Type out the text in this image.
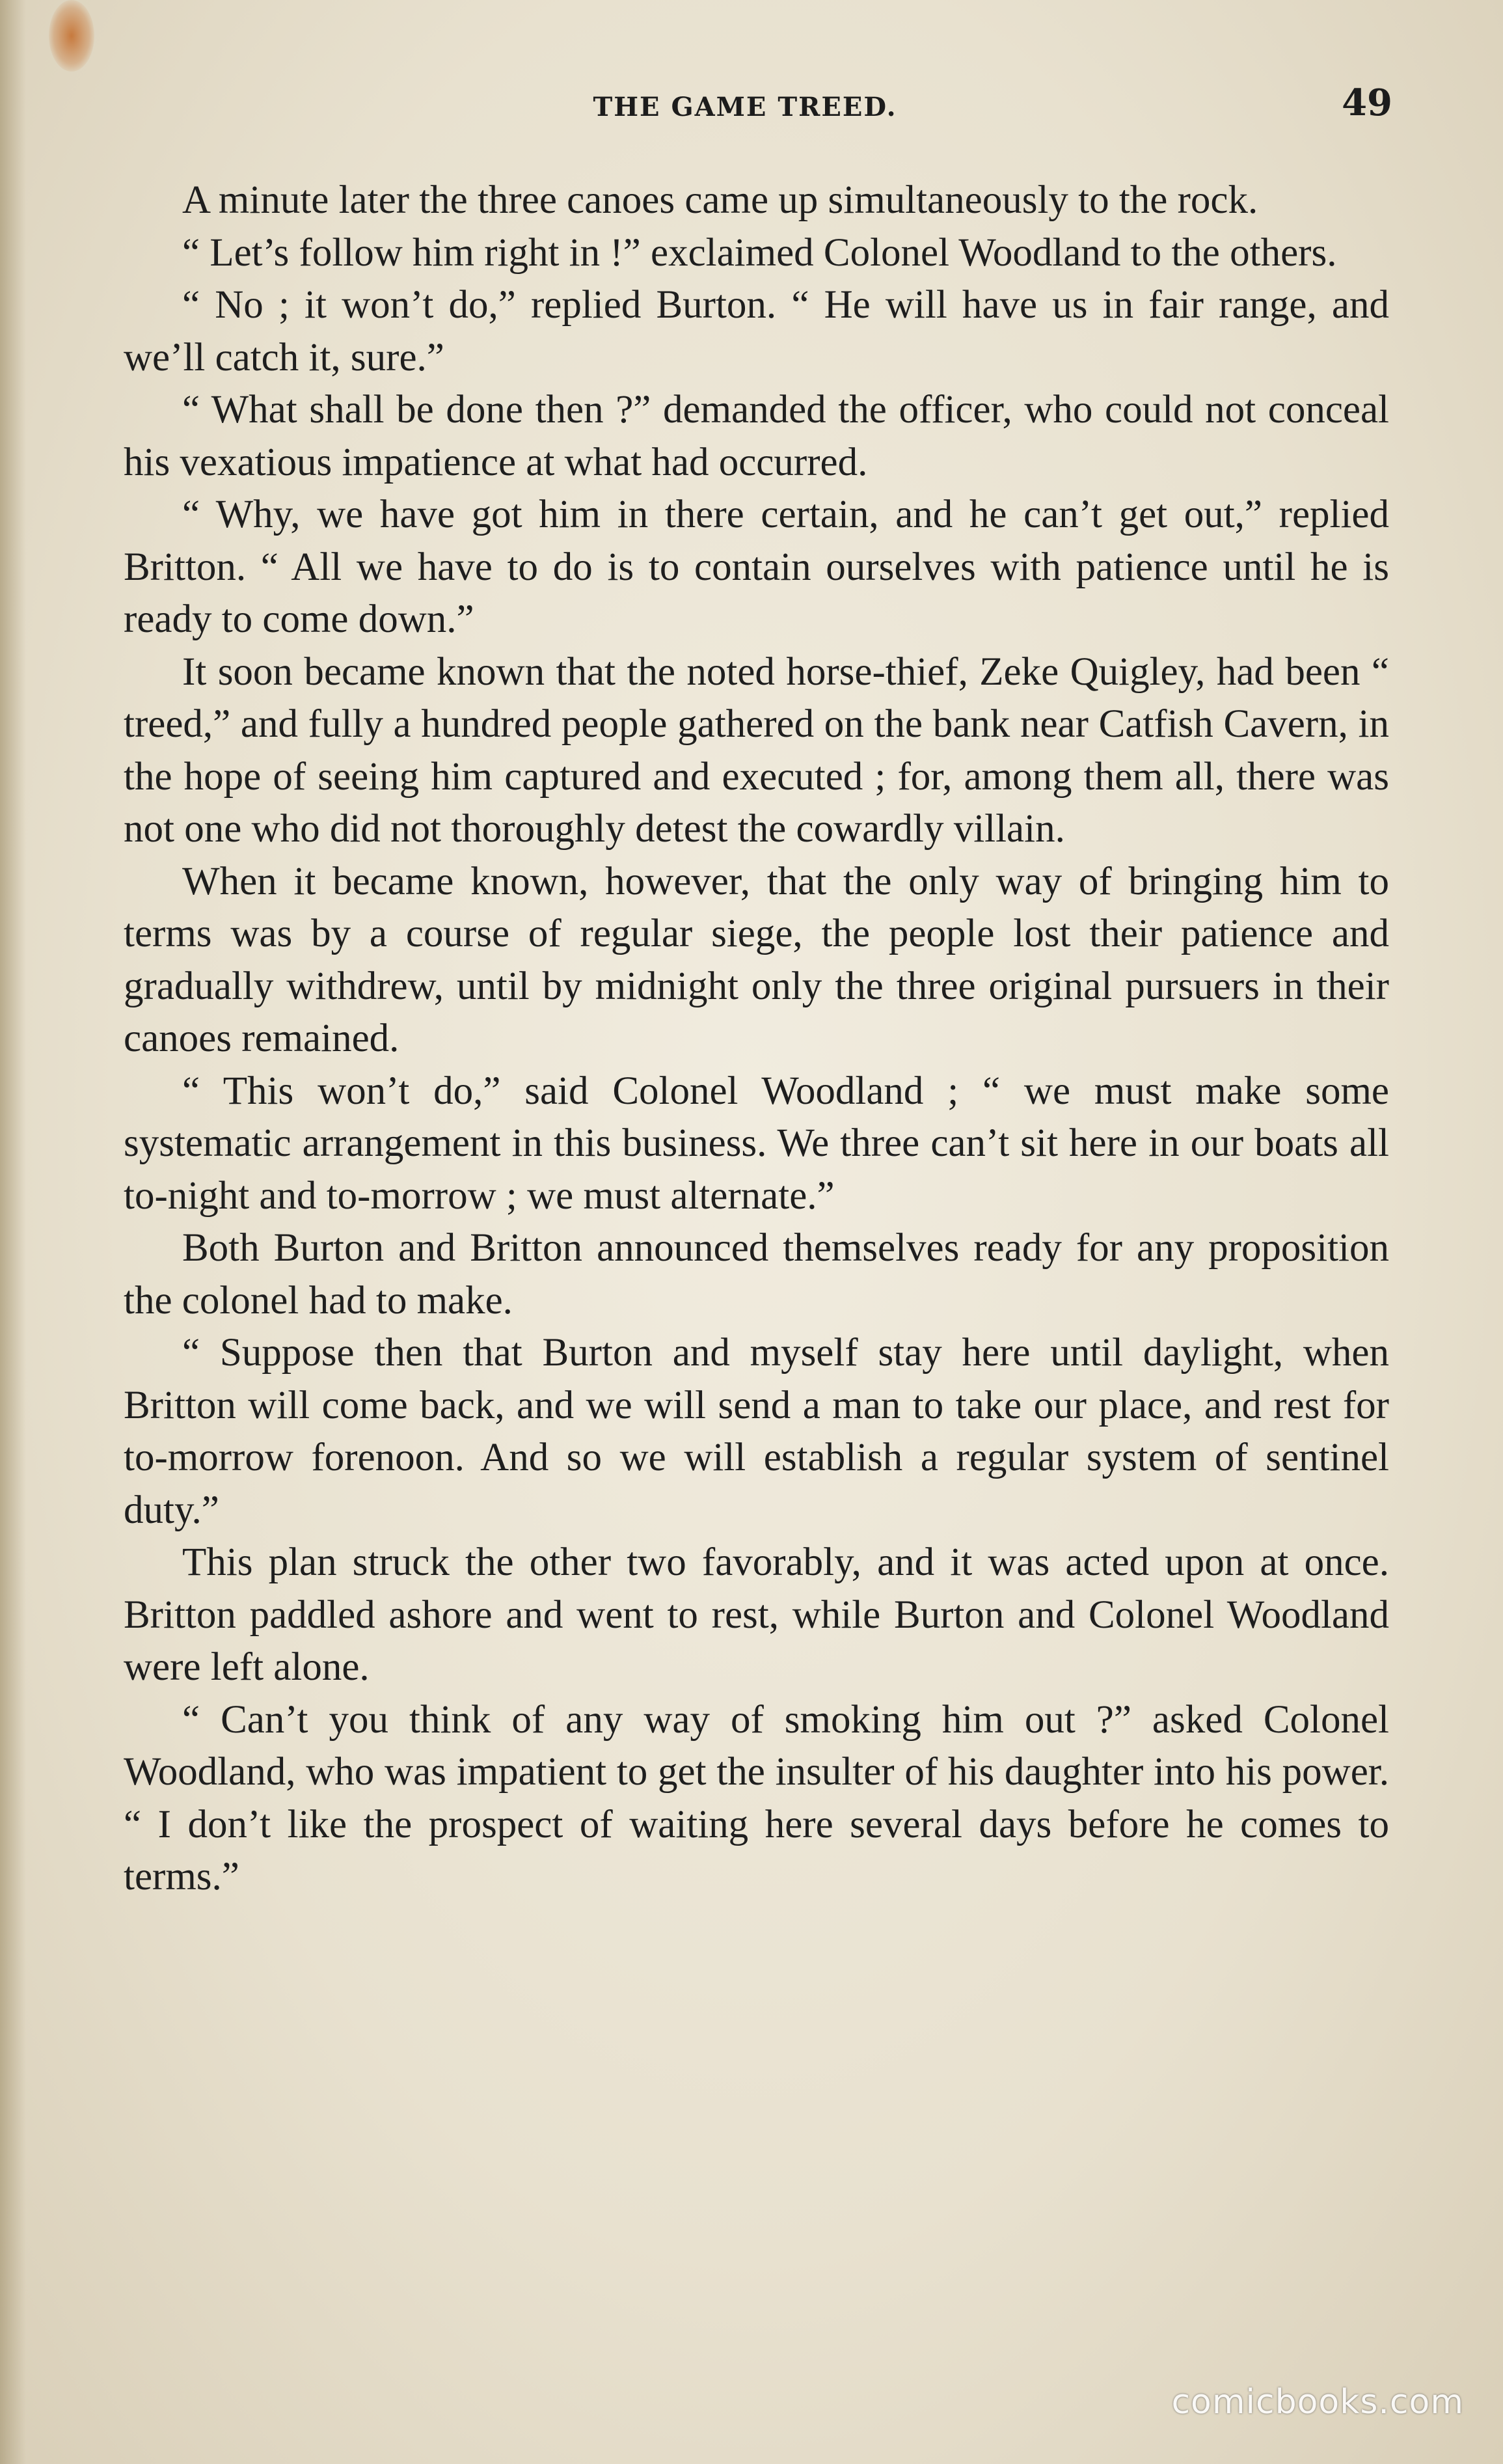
THE GAME TREED.	49

A minute later the three canoes came up simultaneously to the rock.

“ Let’s follow him right in !” exclaimed Colonel Woodland to the others.

“ No ; it won’t do,” replied Burton. “ He will have us in fair range, and we’ll catch it, sure.”

“ What shall be done then ?” demanded the officer, who could not conceal his vexatious impatience at what had occurred.

“ Why, we have got him in there certain, and he can’t get out,” replied Britton. “ All we have to do is to contain ourselves with patience until he is ready to come down.”

It soon became known that the noted horse-thief, Zeke Quigley, had been “ treed,” and fully a hundred people gathered on the bank near Catfish Cavern, in the hope of seeing him captured and executed ; for, among them all, there was not one who did not thoroughly detest the cowardly villain.

When it became known, however, that the only way of bringing him to terms was by a course of regular siege, the people lost their patience and gradually withdrew, until by midnight only the three original pursuers in their canoes remained.

“ This won’t do,” said Colonel Woodland ; “ we must make some systematic arrangement in this business. We three can’t sit here in our boats all to-night and to-morrow ; we must alternate.”

Both Burton and Britton announced themselves ready for any proposition the colonel had to make.

“ Suppose then that Burton and myself stay here until daylight, when Britton will come back, and we will send a man to take our place, and rest for to-morrow forenoon. And so we will establish a regular system of sentinel duty.”

This plan struck the other two favorably, and it was acted upon at once. Britton paddled ashore and went to rest, while Burton and Colonel Woodland were left alone.

“ Can’t you think of any way of smoking him out ?” asked Colonel Woodland, who was impatient to get the insulter of his daughter into his power. “ I don’t like the prospect of waiting here several days before he comes to terms.”

comicbooks.com
